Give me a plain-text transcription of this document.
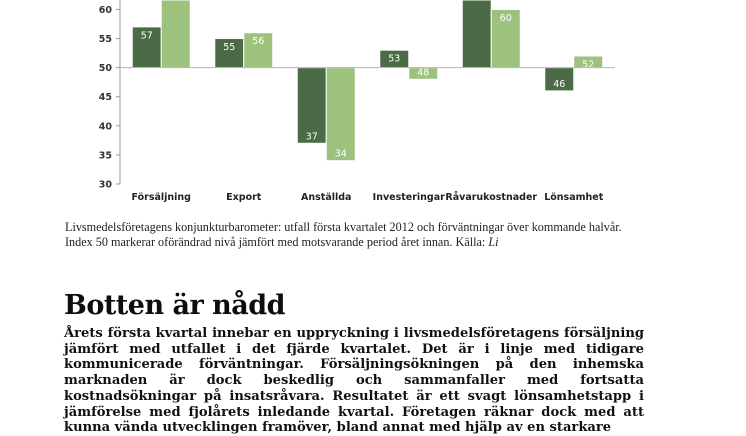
30
35
40
45
50
55
60
57
Försäljning
55
56
Export
37
34
Anställda
53
48
Investeringar
60
Råvarukostnader
46
52
Lönsamhet

Livsmedelsföretagens konjunkturbarometer: utfall första kvartalet 2012 och förväntningar över kommande halvår.

Index 50 markerar oförändrad nivå jämfört med motsvarande period året innan. Källa: Li

Botten är nådd

Årets första kvartal innebar en uppryckning i livsmedelsföretagens försäljning jämfört med utfallet i det fjärde kvartalet. Det är i linje med tidigare kommunicerade förväntningar. Försäljningsökningen på den inhemska marknaden är dock beskedlig och sammanfaller med fortsatta kostnadsökningar på insatsråvara. Resultatet är ett svagt lönsamhetstapp i jämförelse med fjolårets inledande kvartal. Företagen räknar dock med att kunna vända utvecklingen framöver, bland annat med hjälp av en starkare
